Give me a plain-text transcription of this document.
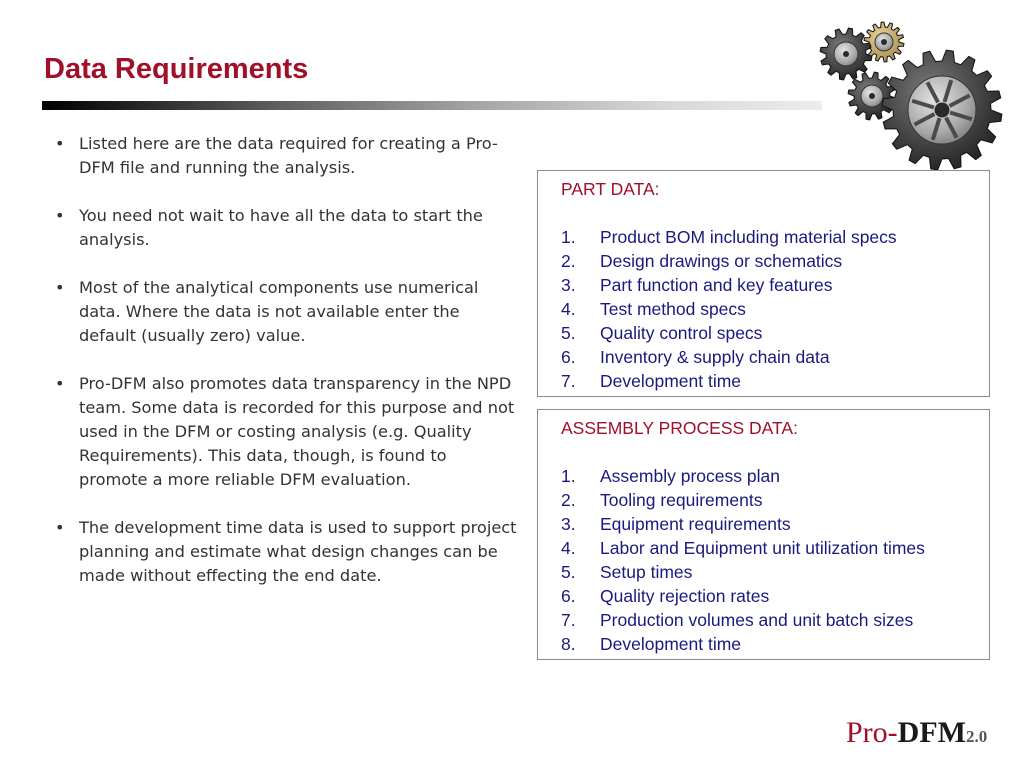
Data Requirements
• Listed here are the data required for creating a Pro-DFM file and running the analysis.
• You need not wait to have all the data to start the analysis.
• Most of the analytical components use numerical data. Where the data is not available enter the default (usually zero) value.
• Pro-DFM also promotes data transparency in the NPD team. Some data is recorded for this purpose and not used in the DFM or costing analysis (e.g. Quality Requirements). This data, though, is found to promote a more reliable DFM evaluation.
• The development time data is used to support project planning and estimate what design changes can be made without effecting the end date.
PART DATA:
1. Product BOM including material specs
2. Design drawings or schematics
3. Part function and key features
4. Test method specs
5. Quality control specs
6. Inventory & supply chain data
7. Development time
ASSEMBLY PROCESS DATA:
1. Assembly process plan
2. Tooling requirements
3. Equipment requirements
4. Labor and Equipment unit utilization times
5. Setup times
6. Quality rejection rates
7. Production volumes and unit batch sizes
8. Development time
Pro-DFM2.0
